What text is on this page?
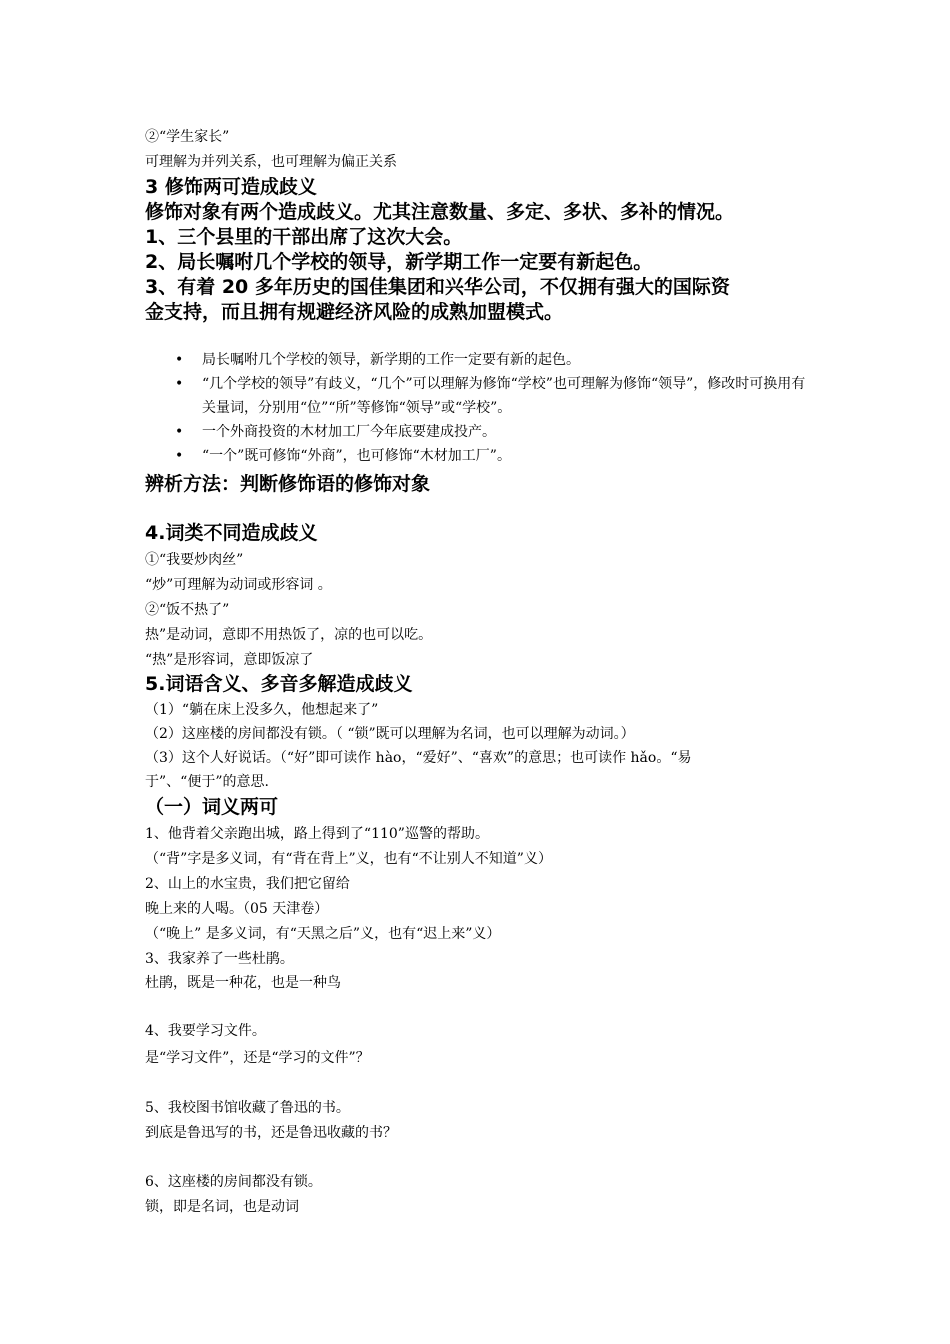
②“学生家长”
可理解为并列关系，也可理解为偏正关系
3 修饰两可造成歧义
修饰对象有两个造成歧义。尤其注意数量、多定、多状、多补的情况。
1、三个县里的干部出席了这次大会。
2、局长嘱咐几个学校的领导，新学期工作一定要有新起色。
3、有着 20 多年历史的国佳集团和兴华公司，不仅拥有强大的国际资
金支持，而且拥有规避经济风险的成熟加盟模式。
• 局长嘱咐几个学校的领导，新学期的工作一定要有新的起色。
• “几个学校的领导”有歧义，“几个”可以理解为修饰“学校”也可理解为修饰“领导”，修改时可换用有关量词，分别用“位”“所”等修饰“领导”或“学校”。
• 一个外商投资的木材加工厂今年底要建成投产。
• “一个”既可修饰“外商”，也可修饰“木材加工厂”。
辨析方法：判断修饰语的修饰对象
4.词类不同造成歧义
①“我要炒肉丝”
“炒”可理解为动词或形容词 。
②“饭不热了”
热”是动词，意即不用热饭了，凉的也可以吃。
“热”是形容词，意即饭凉了
5.词语含义、多音多解造成歧义
（1）“躺在床上没多久，他想起来了”
（2）这座楼的房间都没有锁。（ “锁”既可以理解为名词，也可以理解为动词。）
（3）这个人好说话。（“好”即可读作 hào，“爱好”、“喜欢”的意思；也可读作 hǎo。“易
于”、“便于”的意思.
（一）词义两可
1、他背着父亲跑出城，路上得到了“110”巡警的帮助。
（“背”字是多义词，有“背在背上”义，也有“不让别人不知道”义）
2、山上的水宝贵，我们把它留给
晚上来的人喝。（05 天津卷）
（“晚上” 是多义词，有“天黑之后”义，也有“迟上来”义）
3、我家养了一些杜鹃。
杜鹃，既是一种花，也是一种鸟
4、我要学习文件。
是“学习文件”，还是“学习的文件”？
5、我校图书馆收藏了鲁迅的书。
到底是鲁迅写的书，还是鲁迅收藏的书？
6、这座楼的房间都没有锁。
锁，即是名词，也是动词
